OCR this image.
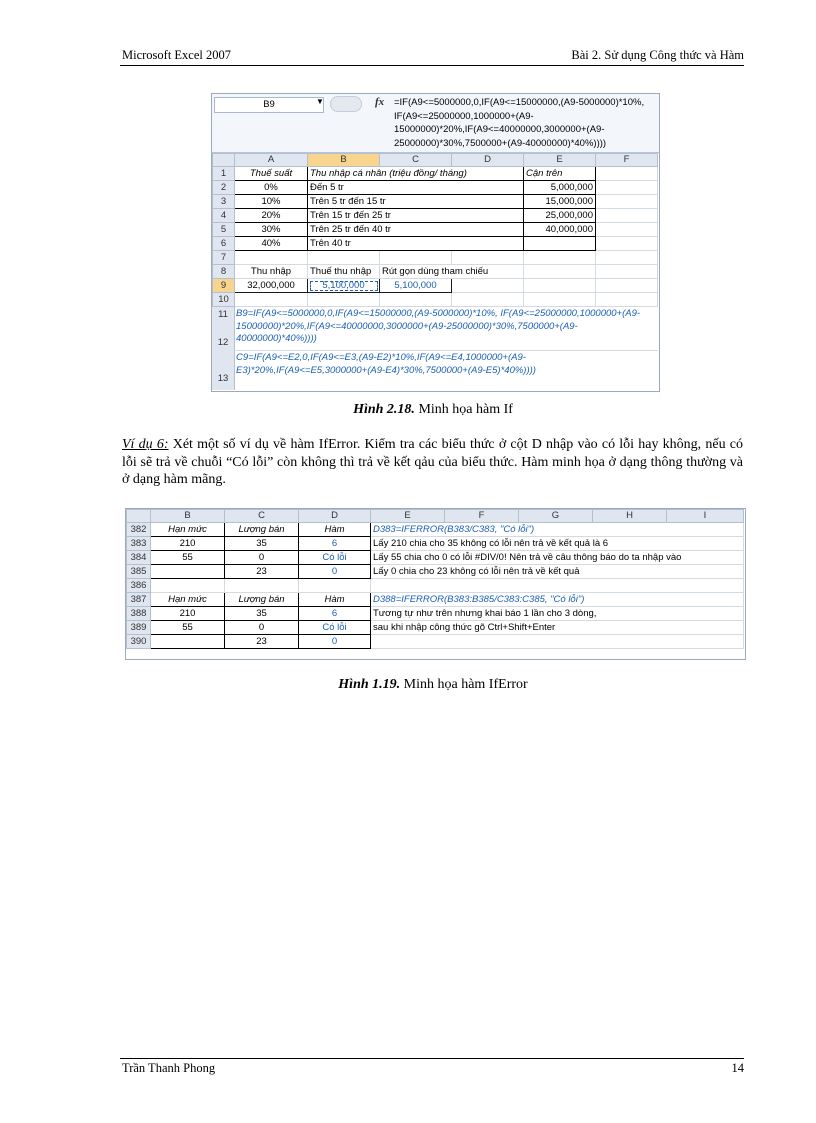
Microsoft Excel 2007	Bài 2. Sử dụng Công thức và Hàm
B9	▼	fx =IF(A9<=5000000,0,IF(A9<=15000000,(A9-5000000)*10%, IF(A9<=25000000,1000000+(A9-15000000)*20%,IF(A9<=40000000,3000000+(A9-25000000)*30%,7500000+(A9-40000000)*40%))))
	A	B	C	D	E	F
1	Thuế suất	Thu nhập cá nhân (triệu đồng/ tháng)			Cận trên	
2	0%	Đến 5 tr			5,000,000	
3	10%	Trên 5 tr đến 15 tr			15,000,000	
4	20%	Trên 15 tr đến 25 tr			25,000,000	
5	30%	Trên 25 tr đến 40 tr			40,000,000	
6	40%	Trên 40 tr				
7						
8	Thu nhập	Thuế thu nhập	Rút gọn dùng tham chiếu			
9	32,000,000	5,100,000	5,100,000			
10						
11
12
13
B9=IF(A9<=5000000,0,IF(A9<=15000000,(A9-5000000)*10%, IF(A9<=25000000,1000000+(A9-15000000)*20%,IF(A9<=40000000,3000000+(A9-25000000)*30%,7500000+(A9-40000000)*40%))))
C9=IF(A9<=E2,0,IF(A9<=E3,(A9-E2)*10%,IF(A9<=E4,1000000+(A9-E3)*20%,IF(A9<=E5,3000000+(A9-E4)*30%,7500000+(A9-E5)*40%))))
Hình 2.18. Minh họa hàm If
Ví dụ 6: Xét một số ví dụ về hàm IfError. Kiểm tra các biểu thức ở cột D nhập vào có lỗi hay không, nếu có lỗi sẽ trả về chuỗi “Có lỗi” còn không thì trả về kết qảu của biểu thức. Hàm minh họa ở dạng thông thường và ở dạng hàm mãng.
	B	C	D	E	F	G	H	I
382	Hạn mức	Lượng bán	Hàm	D383=IFERROR(B383/C383, "Có lỗi")				
383	210	35	6	Lấy 210 chia cho 35 không có lỗi nên trả về kết quả là 6				
384	55	0	Có lỗi	Lấy 55 chia cho 0 có lỗi #DIV/0! Nên trả về câu thông báo do ta nhập vào				
385		23	0	Lấy 0 chia cho 23 không có lỗi nên trả về kết quả				
386								
387	Hạn mức	Lượng bán	Hàm	D388=IFERROR(B383:B385/C383:C385, "Có lỗi")				
388	210	35	6	Tương tự như trên nhưng khai báo 1 lần cho 3 dòng,				
389	55	0	Có lỗi	sau khi nhập công thức gõ Ctrl+Shift+Enter				
390		23	0					
Hình 1.19. Minh họa hàm IfError
Trần Thanh Phong	14
